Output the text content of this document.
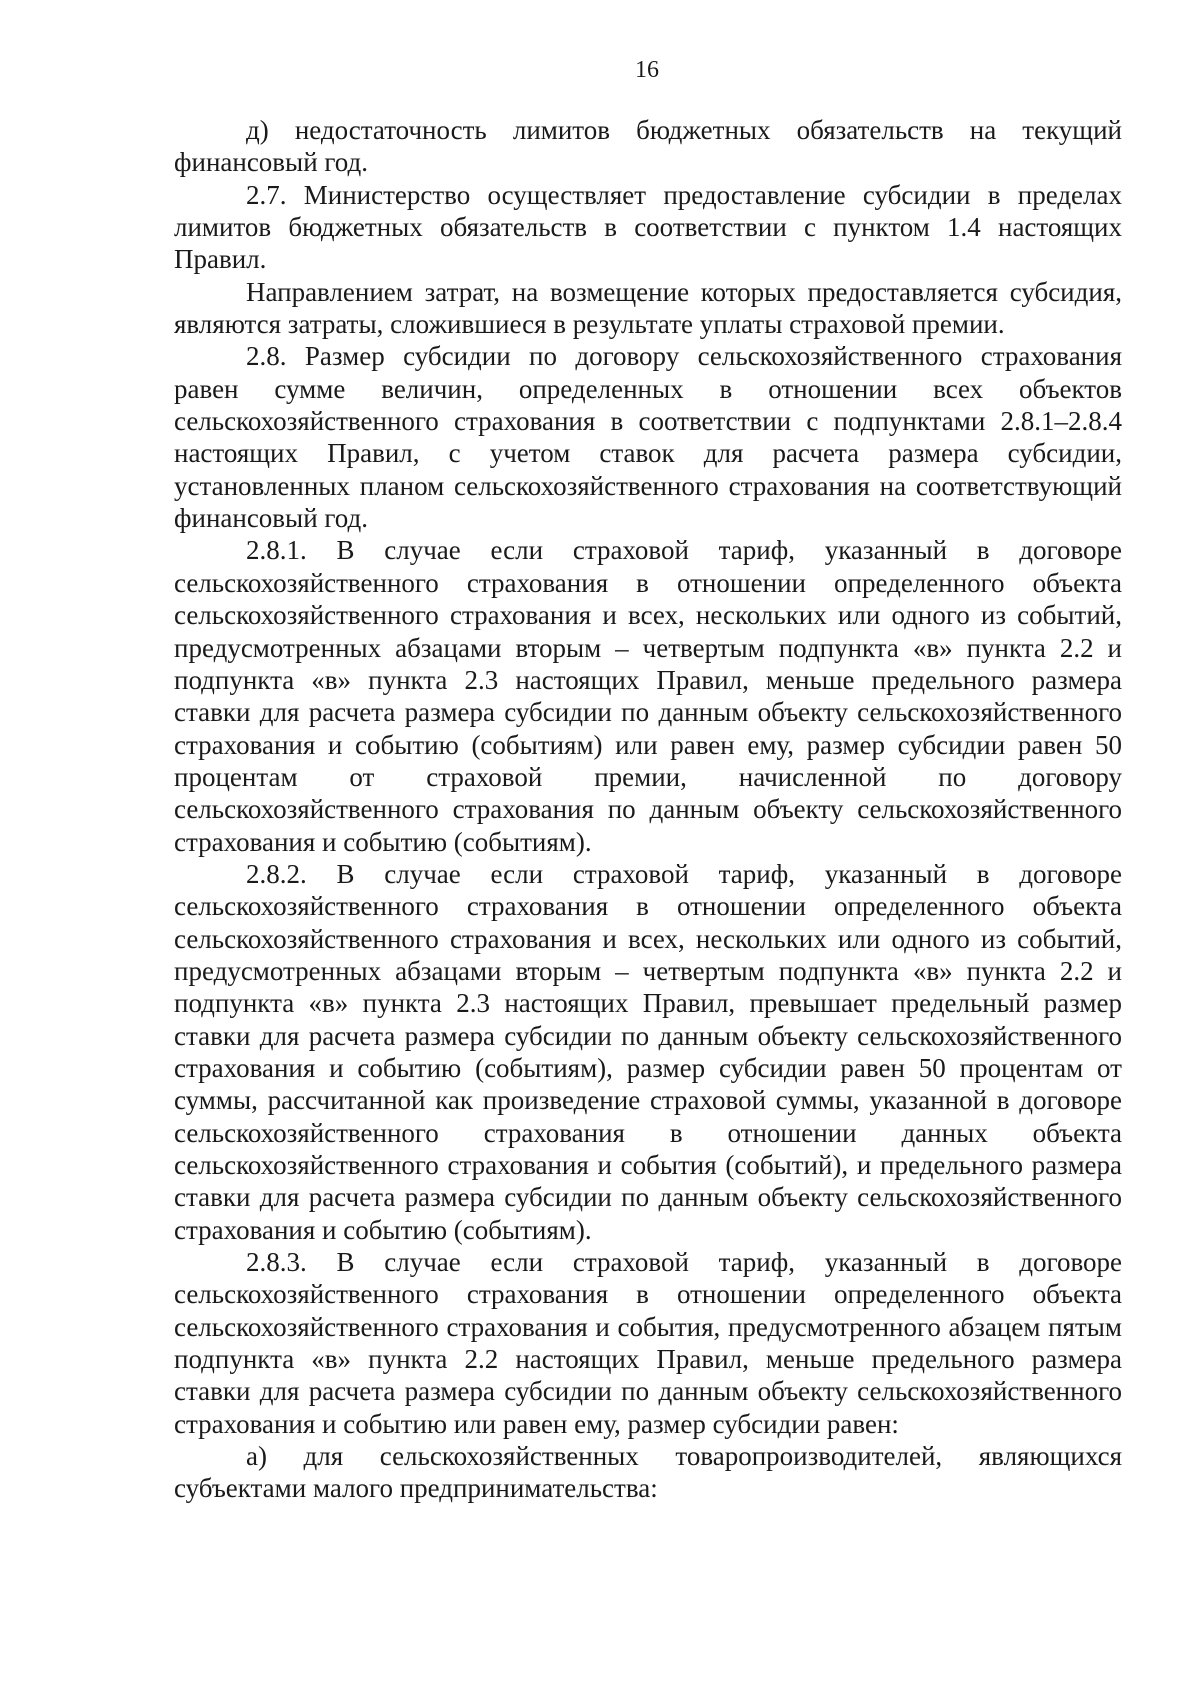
16

д) недостаточность лимитов бюджетных обязательств на текущий финансовый год.

2.7. Министерство осуществляет предоставление субсидии в пределах лимитов бюджетных обязательств в соответствии с пунктом 1.4 настоящих Правил.

Направлением затрат, на возмещение которых предоставляется субсидия, являются затраты, сложившиеся в результате уплаты страховой премии.

2.8. Размер субсидии по договору сельскохозяйственного страхования равен сумме величин, определенных в отношении всех объектов сельскохозяйственного страхования в соответствии с подпунктами 2.8.1–2.8.4 настоящих Правил, с учетом ставок для расчета размера субсидии, установленных планом сельскохозяйственного страхования на соответствующий финансовый год.

2.8.1. В случае если страховой тариф, указанный в договоре сельскохозяйственного страхования в отношении определенного объекта сельскохозяйственного страхования и всех, нескольких или одного из событий, предусмотренных абзацами вторым – четвертым подпункта «в» пункта 2.2 и подпункта «в» пункта 2.3 настоящих Правил, меньше предельного размера ставки для расчета размера субсидии по данным объекту сельскохозяйственного страхования и событию (событиям) или равен ему, размер субсидии равен 50 процентам от страховой премии, начисленной по договору сельскохозяйственного страхования по данным объекту сельскохозяйственного страхования и событию (событиям).

2.8.2. В случае если страховой тариф, указанный в договоре сельскохозяйственного страхования в отношении определенного объекта сельскохозяйственного страхования и всех, нескольких или одного из событий, предусмотренных абзацами вторым – четвертым подпункта «в» пункта 2.2 и подпункта «в» пункта 2.3 настоящих Правил, превышает предельный размер ставки для расчета размера субсидии по данным объекту сельскохозяйственного страхования и событию (событиям), размер субсидии равен 50 процентам от суммы, рассчитанной как произведение страховой суммы, указанной в договоре сельскохозяйственного страхования в отношении данных объекта сельскохозяйственного страхования и события (событий), и предельного размера ставки для расчета размера субсидии по данным объекту сельскохозяйственного страхования и событию (событиям).

2.8.3. В случае если страховой тариф, указанный в договоре сельскохозяйственного страхования в отношении определенного объекта сельскохозяйственного страхования и события, предусмотренного абзацем пятым подпункта «в» пункта 2.2 настоящих Правил, меньше предельного размера ставки для расчета размера субсидии по данным объекту сельскохозяйственного страхования и событию или равен ему, размер субсидии равен:

а) для сельскохозяйственных товаропроизводителей, являющихся субъектами малого предпринимательства:
